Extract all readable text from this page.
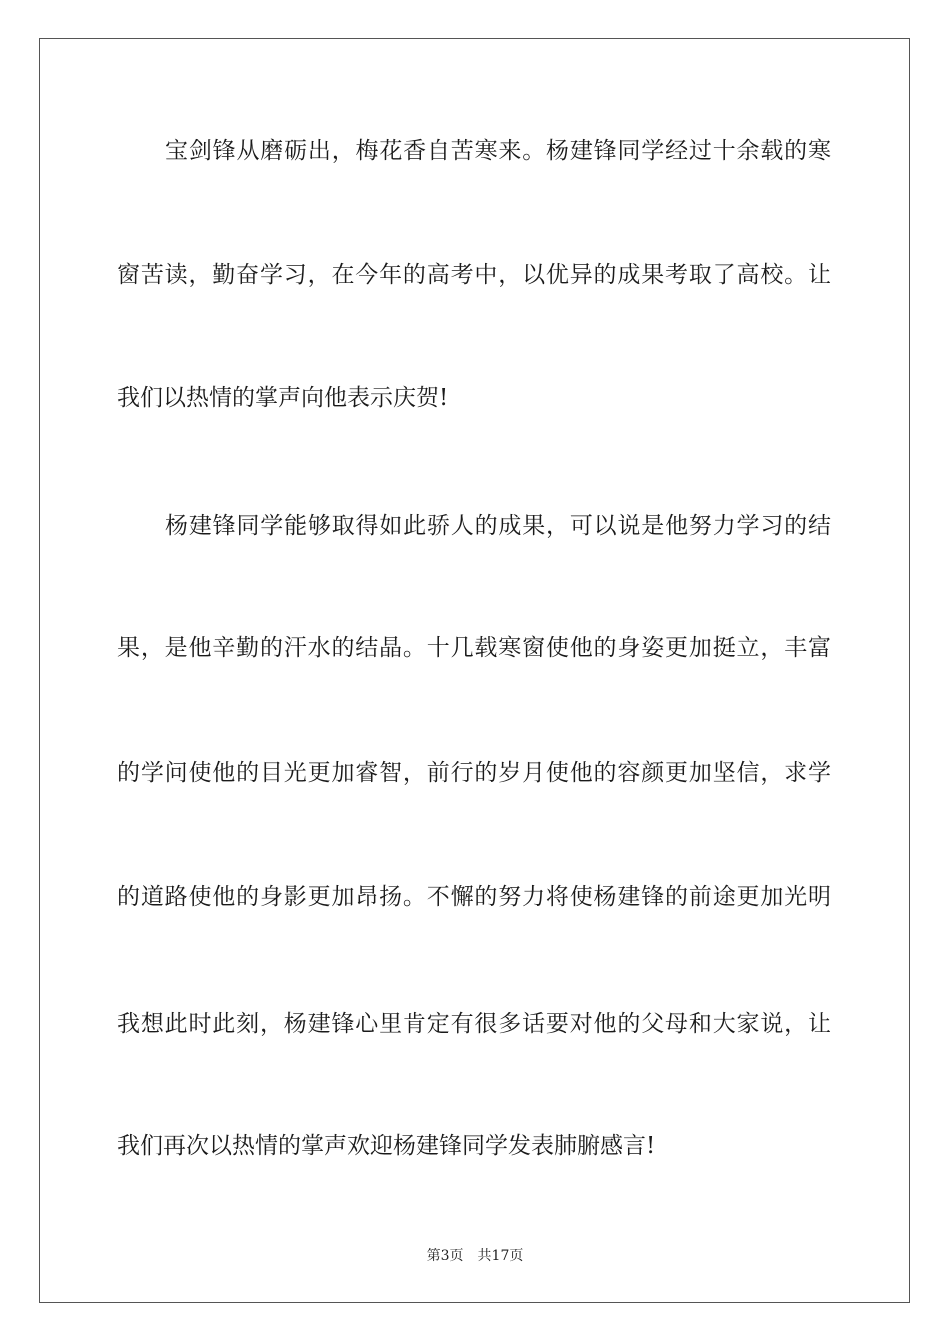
宝剑锋从磨砺出，梅花香自苦寒来。杨建锋同学经过十余载的寒
窗苦读，勤奋学习，在今年的高考中，以优异的成果考取了高校。让
我们以热情的掌声向他表示庆贺!
杨建锋同学能够取得如此骄人的成果，可以说是他努力学习的结
果，是他辛勤的汗水的结晶。十几载寒窗使他的身姿更加挺立，丰富
的学问使他的目光更加睿智，前行的岁月使他的容颜更加坚信，求学
的道路使他的身影更加昂扬。不懈的努力将使杨建锋的前途更加光明
我想此时此刻，杨建锋心里肯定有很多话要对他的父母和大家说，让
我们再次以热情的掌声欢迎杨建锋同学发表肺腑感言!
第3页 共17页
